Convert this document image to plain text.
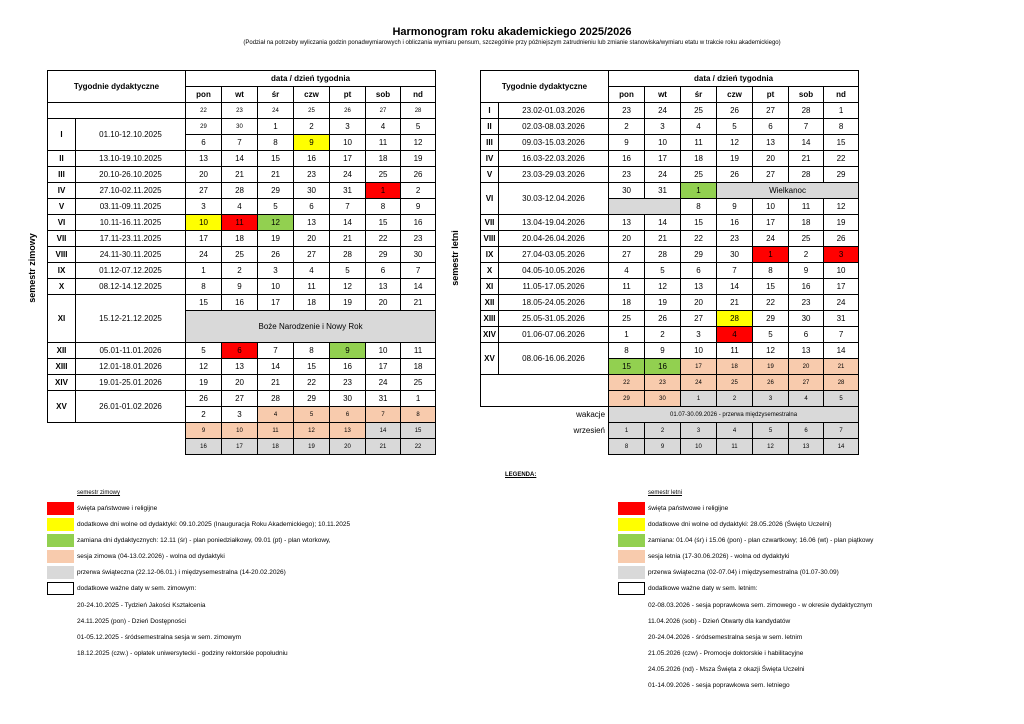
Harmonogram roku akademickiego 2025/2026
(Podział na potrzeby wyliczania godzin ponadwymiarowych i obliczania wymiaru pensum, szczególnie przy późniejszym zatrudnieniu lub zmianie stanowiska/wymiaru etatu w trakcie roku akademickiego)
semestr zimowy	semestr letni
Tygodnie dydaktyczne		data / dzień tygodnia						
		pon	wt	śr	czw	pt	sob	nd
		22	23	24	25	26	27	28
I	01.10-12.10.2025	29	30	1	2	3	4	5
		6	7	8	9	10	11	12
II	13.10-19.10.2025	13	14	15	16	17	18	19
III	20.10-26.10.2025	20	21	21	23	24	25	26
IV	27.10-02.11.2025	27	28	29	30	31	1	2
V	03.11-09.11.2025	3	4	5	6	7	8	9
VI	10.11-16.11.2025	10	11	12	13	14	15	16
VII	17.11-23.11.2025	17	18	19	20	21	22	23
VIII	24.11-30.11.2025	24	25	26	27	28	29	30
IX	01.12-07.12.2025	1	2	3	4	5	6	7
X	08.12-14.12.2025	8	9	10	11	12	13	14
XI	15.12-21.12.2025	15	16	17	18	19	20	21
		Boże Narodzenie i Nowy Rok						

XII	05.01-11.01.2026	5	6	7	8	9	10	11
XIII	12.01-18.01.2026	12	13	14	15	16	17	18
XIV	19.01-25.01.2026	19	20	21	22	23	24	25
XV	26.01-01.02.2026	26	27	28	29	30	31	1
		2	3	4	5	6	7	8
		9	10	11	12	13	14	15
		16	17	18	19	20	21	22
Tygodnie dydaktyczne		data / dzień tygodnia						
		pon	wt	śr	czw	pt	sob	nd
I	23.02-01.03.2026	23	24	25	26	27	28	1
II	02.03-08.03.2026	2	3	4	5	6	7	8
III	09.03-15.03.2026	9	10	11	12	13	14	15
IV	16.03-22.03.2026	16	17	18	19	20	21	22
V	23.03-29.03.2026	23	24	25	26	27	28	29
VI	30.03-12.04.2026	30	31	1	Wielkanoc			
				8	9	10	11	12
VII	13.04-19.04.2026	13	14	15	16	17	18	19
VIII	20.04-26.04.2026	20	21	22	23	24	25	26
IX	27.04-03.05.2026	27	28	29	30	1	2	3
X	04.05-10.05.2026	4	5	6	7	8	9	10
XI	11.05-17.05.2026	11	12	13	14	15	16	17
XII	18.05-24.05.2026	18	19	20	21	22	23	24
XIII	25.05-31.05.2026	25	26	27	28	29	30	31
XIV	01.06-07.06.2026	1	2	3	4	5	6	7
XV	08.06-16.06.2026	8	9	10	11	12	13	14
		15	16	17	18	19	20	21
		22	23	24	25	26	27	28
		29	30	1	2	3	4	5
wakacje		01.07-30.09.2026 - przerwa międzysemestralna						
wrzesień		1	2	3	4	5	6	7
		8	9	10	11	12	13	14
LEGENDA:
semestr zimowy
święta państwowe i religijne
dodatkowe dni wolne od dydaktyki: 09.10.2025 (Inauguracja Roku Akademickiego); 10.11.2025
zamiana dni dydaktycznych: 12.11 (śr) - plan poniedziałkowy, 09.01 (pt) - plan wtorkowy,
sesja zimowa (04-13.02.2026) - wolna od dydaktyki
przerwa świąteczna (22.12-06.01.) i międzysemestralna (14-20.02.2026)
dodatkowe ważne daty w sem. zimowym:
20-24.10.2025 - Tydzień Jakości Kształcenia
24.11.2025 (pon) - Dzień Dostępności
01-05.12.2025 - śródsemestralna sesja w sem. zimowym
18.12.2025 (czw.) - opłatek uniwersytecki - godziny rektorskie popołudniu
semestr letni
święta państwowe i religijne
dodatkowe dni wolne od dydaktyki: 28.05.2026 (Święto Uczelni)
zamiana: 01.04 (śr) i 15.06 (pon) - plan czwartkowy; 16.06 (wt) - plan piątkowy
sesja letnia (17-30.06.2026) - wolna od dydaktyki
przerwa świąteczna (02-07.04) i międzysemestralna (01.07-30.09)
dodatkowe ważne daty w sem. letnim:
02-08.03.2026 - sesja poprawkowa sem. zimowego - w okresie dydaktycznym
11.04.2026 (sob) - Dzień Otwarty dla kandydatów
20-24.04.2026 - śródsemestralna sesja w sem. letnim
21.05.2026 (czw) - Promocje doktorskie i habilitacyjne
24.05.2026 (nd) - Msza Święta z okazji Święta Uczelni
01-14.09.2026 - sesja poprawkowa sem. letniego
